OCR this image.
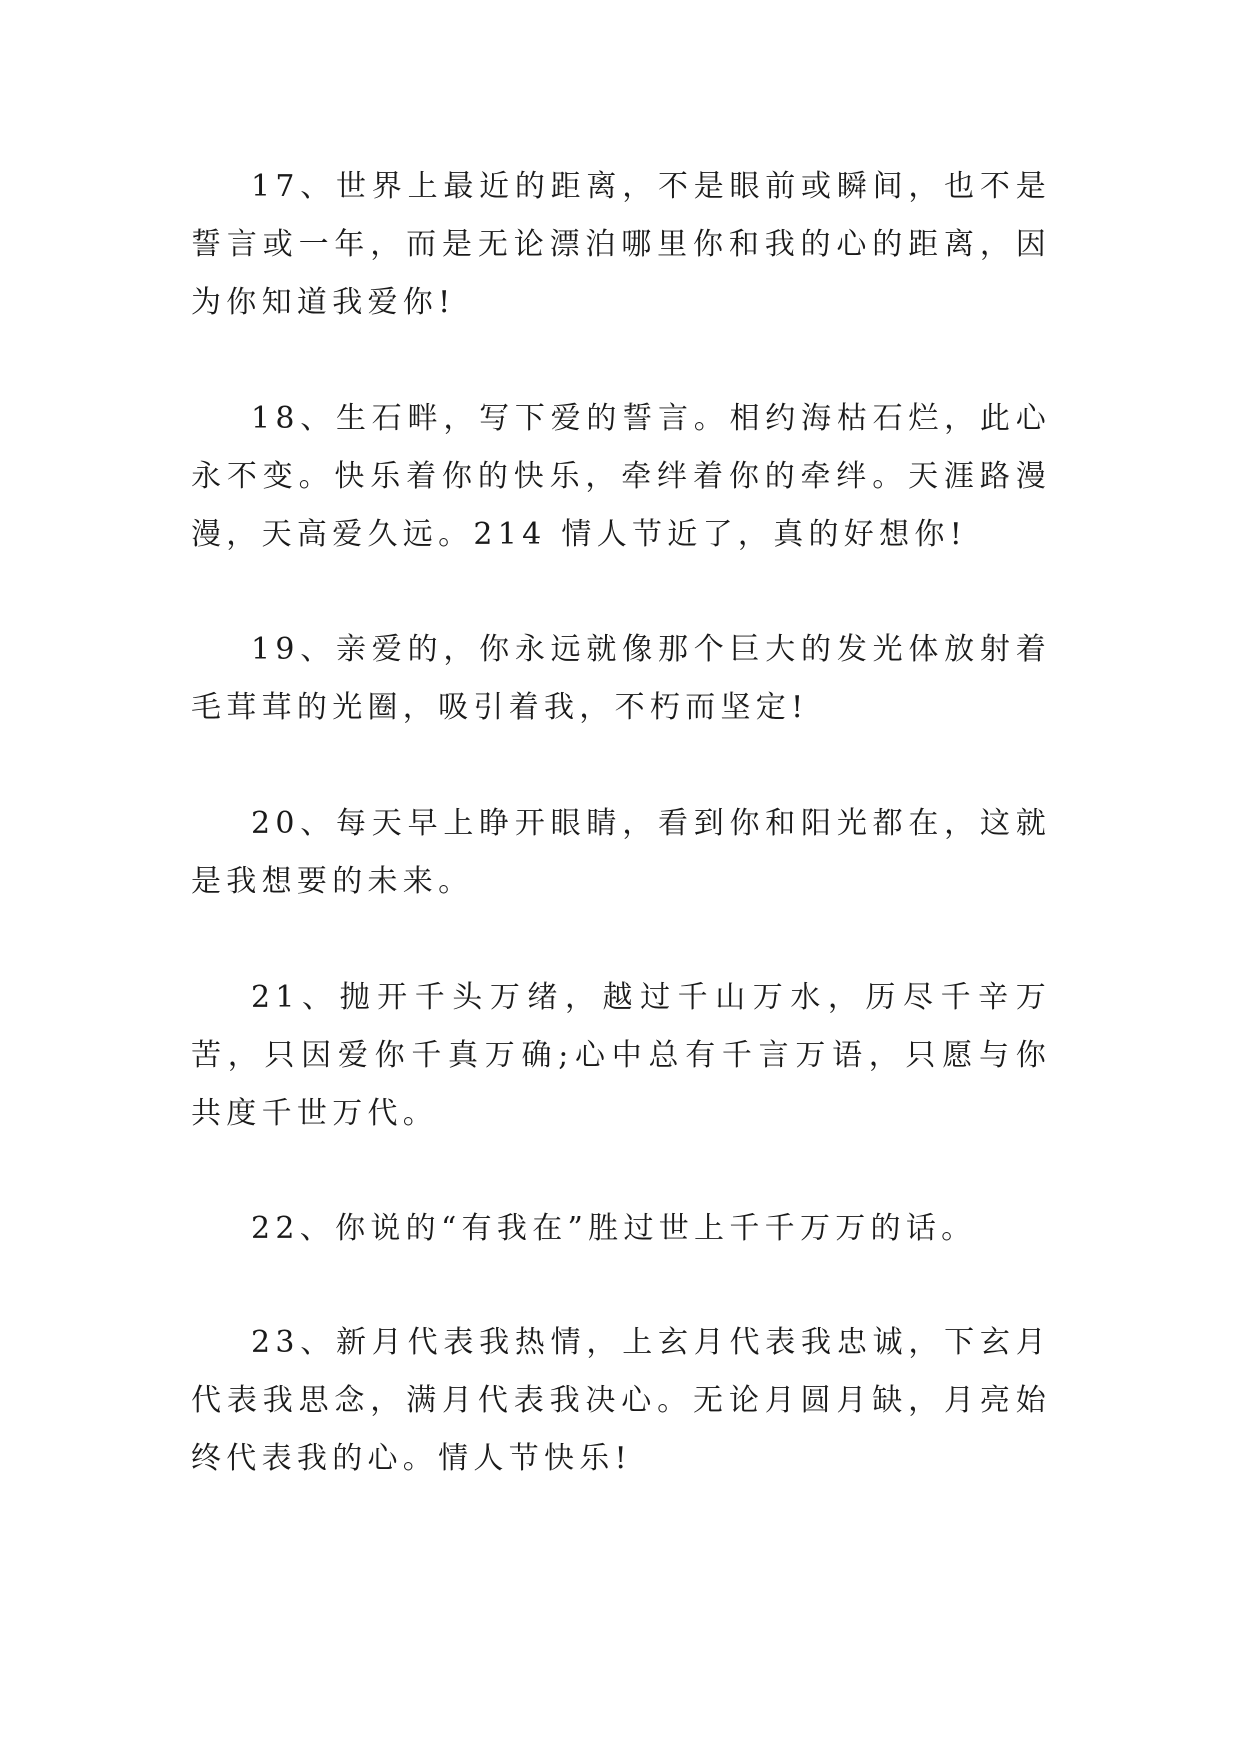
17、世界上最近的距离，不是眼前或瞬间，也不是誓言或一年，而是无论漂泊哪里你和我的心的距离，因为你知道我爱你!

18、生石畔，写下爱的誓言。相约海枯石烂，此心永不变。快乐着你的快乐，牵绊着你的牵绊。天涯路漫漫，天高爱久远。214 情人节近了，真的好想你!

19、亲爱的，你永远就像那个巨大的发光体放射着毛茸茸的光圈，吸引着我，不朽而坚定!

20、每天早上睁开眼睛，看到你和阳光都在，这就是我想要的未来。

21、抛开千头万绪，越过千山万水，历尽千辛万苦，只因爱你千真万确;心中总有千言万语，只愿与你共度千世万代。

22、你说的“有我在”胜过世上千千万万的话。

23、新月代表我热情，上玄月代表我忠诚，下玄月代表我思念，满月代表我决心。无论月圆月缺，月亮始终代表我的心。情人节快乐!
